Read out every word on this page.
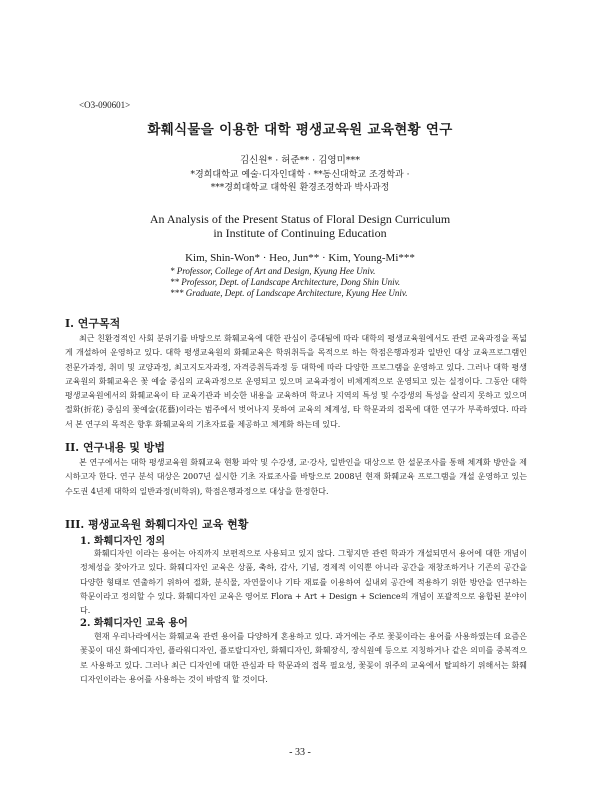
<O3-090601>
화훼식물을 이용한 대학 평생교육원 교육현황 연구
김신원* · 허준** · 김영미***
*경희대학교 예술·디자인대학 · **동신대학교 조경학과 ·
***경희대학교 대학원 환경조경학과 박사과정
An Analysis of the Present Status of Floral Design Curriculum
in Institute of Continuing Education
Kim, Shin-Won* · Heo, Jun** · Kim, Young-Mi***
* Professor, College of Art and Design, Kyung Hee Univ.
** Professor, Dept. of Landscape Architecture, Dong Shin Univ.
*** Graduate, Dept. of Landscape Architecture, Kyung Hee Univ.
I. 연구목적

최근 친환경적인 사회 분위기를 바탕으로 화훼교육에 대한 관심이 증대됨에 따라 대학의 평생교육원에서도 관련 교육과정을 폭넓게 개설하여 운영하고 있다. 대학 평생교육원의 화훼교육은 학위취득을 목적으로 하는 학점은행과정과 일반인 대상 교육프로그램인 전문가과정, 취미 및 교양과정, 최고지도자과정, 자격증취득과정 등 대학에 따라 다양한 프로그램을 운영하고 있다. 그러나 대학 평생교육원의 화훼교육은 꽃 예술 중심의 교육과정으로 운영되고 있으며 교육과정이 비체계적으로 운영되고 있는 실정이다. 그동안 대학 평생교육원에서의 화훼교육이 타 교육기관과 비슷한 내용을 교육하며 학교나 지역의 특성 및 수강생의 특성을 살리지 못하고 있으며 절화(折花) 중심의 꽃예술(花藝)이라는 범주에서 벗어나지 못하여 교육의 체계성, 타 학문과의 접목에 대한 연구가 부족하였다. 따라서 본 연구의 목적은 향후 화훼교육의 기초자료를 제공하고 체계화 하는데 있다.

II. 연구내용 및 방법

본 연구에서는 대학 평생교육원 화훼교육 현황 파악 및 수강생, 교·강사, 일반인을 대상으로 한 설문조사를 통해 체계화 방안을 제시하고자 한다. 연구 분석 대상은 2007년 실시한 기초 자료조사를 바탕으로 2008년 현재 화훼교육 프로그램을 개설 운영하고 있는 수도권 4년제 대학의 일반과정(비학위), 학점은행과정으로 대상을 한정한다.

III. 평생교육원 화훼디자인 교육 현황
1. 화훼디자인 정의

화훼디자인 이라는 용어는 아직까지 보편적으로 사용되고 있지 않다. 그렇지만 관련 학과가 개설되면서 용어에 대한 개념이 정체성을 찾아가고 있다. 화훼디자인 교육은 상품, 축하, 감사, 기념, 경제적 이익뿐 아니라 공간을 재창조하거나 기존의 공간을 다양한 형태로 연출하기 위하여 절화, 분식물, 자연물이나 기타 재료를 이용하여 실내외 공간에 적용하기 위한 방안을 연구하는 학문이라고 정의할 수 있다. 화훼디자인 교육은 영어로 Flora + Art + Design + Science의 개념이 포괄적으로 융합된 분야이다.

2. 화훼디자인 교육 용어

현재 우리나라에서는 화훼교육 관련 용어를 다양하게 혼용하고 있다. 과거에는 주로 꽃꽂이라는 용어를 사용하였는데 요즘은 꽃꽂이 대신 화예디자인, 플라워디자인, 플로랄디자인, 화훼디자인, 화훼장식, 장식원예 등으로 지칭하거나 같은 의미를 중복적으로 사용하고 있다. 그러나 최근 디자인에 대한 관심과 타 학문과의 접목 필요성, 꽃꽂이 위주의 교육에서 탈피하기 위해서는 화훼디자인이라는 용어를 사용하는 것이 바람직 할 것이다.

- 33 -
